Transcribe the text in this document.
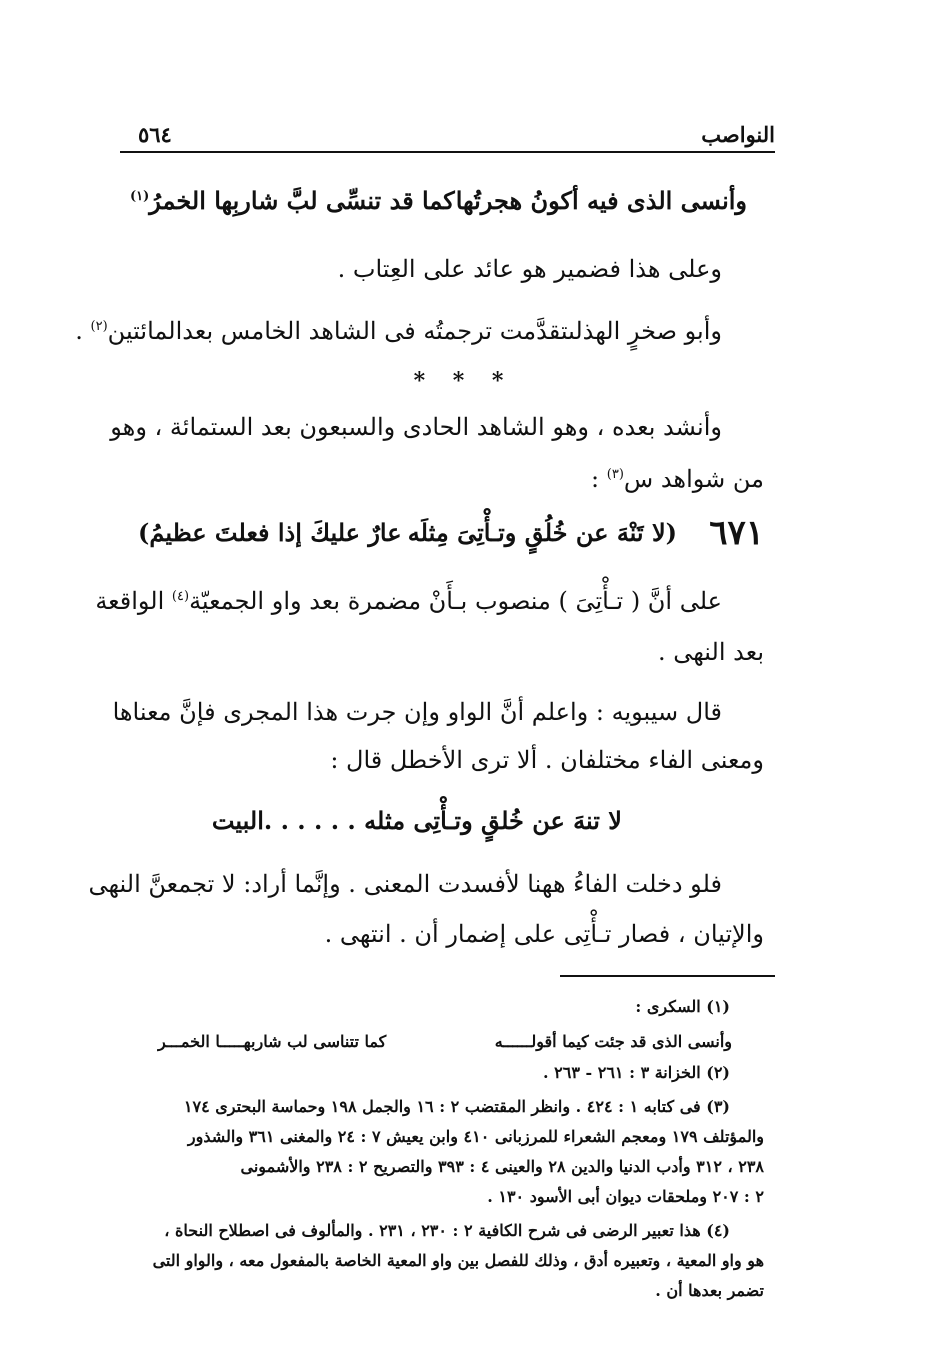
النواصب
٥٦٤
وأنسى الذى فيه أكونُ هجرتُها
كما قد تنسِّى لبَّ شاربِها الخمرُ$^{(١)}$
وعلى هذا فضمير هو عائد على العِتاب .
وأبو صخرٍ الهذلىتقدَّمت ترجمتُه فى الشاهد الخامس بعدالمائتين$^{(٢)}$ .
* * *
وأنشد بعده ، وهو الشاهد الحادى والسبعون بعد الستمائة ، وهو
من شواهد س$^{(٣)}$ :
٦٧١
(لا تَنْهَ عن خُلُقٍ وتـأْتِىَ مِثلَه
عارٌ عليكَ إذا فعلتَ عظيمُ)
على أنَّ ( تـأْتِىَ ) منصوب بـأَنْ مضمرة بعد واو الجمعيّة$^{(٤)}$ الواقعة
بعد النهى .
قال سيبويه : واعلم أنَّ الواو وإن جرت هذا المجرى فإنَّ معناها
ومعنى الفاء مختلفان . ألا ترى الأخطل قال :
لا تنهَ عن خُلقٍ وتـأْتِى مثله . . . . . .البيت
فلو دخلت الفاءُ ههنا لأفسدت المعنى . وإنَّما أراد: لا تجمعنَّ النهى
والإتيان ، فصار تـأْتِى على إضمار أن . انتهى .
(١) السكرى :
وأنسى الذى قد جئت كيما أقولــــــه
كما تتناسى لب شاربهـــــا الخمـــر
(٢) الخزانة ٣ : ٢٦١ - ٢٦٣ .
(٣) فى كتابه ١ : ٤٢٤ . وانظر المقتضب ٢ : ١٦ والجمل ١٩٨ وحماسة البحترى ١٧٤
والمؤتلف ١٧٩ ومعجم الشعراء للمرزبانى ٤١٠ وابن يعيش ٧ : ٢٤ والمغنى ٣٦١ والشذور
٢٣٨ ، ٣١٢ وأدب الدنيا والدين ٢٨ والعينى ٤ : ٣٩٣ والتصريح ٢ : ٢٣٨ والأشمونى
٢ : ٢٠٧ وملحقات ديوان أبى الأسود ١٣٠ .
(٤) هذا تعبير الرضى فى شرح الكافية ٢ : ٢٣٠ ، ٢٣١ . والمألوف فى اصطلاح النحاة ،
هو واو المعية ، وتعبيره أدق ، وذلك للفصل بين واو المعية الخاصة بالمفعول معه ، والواو التى
تضمر بعدها أن .
